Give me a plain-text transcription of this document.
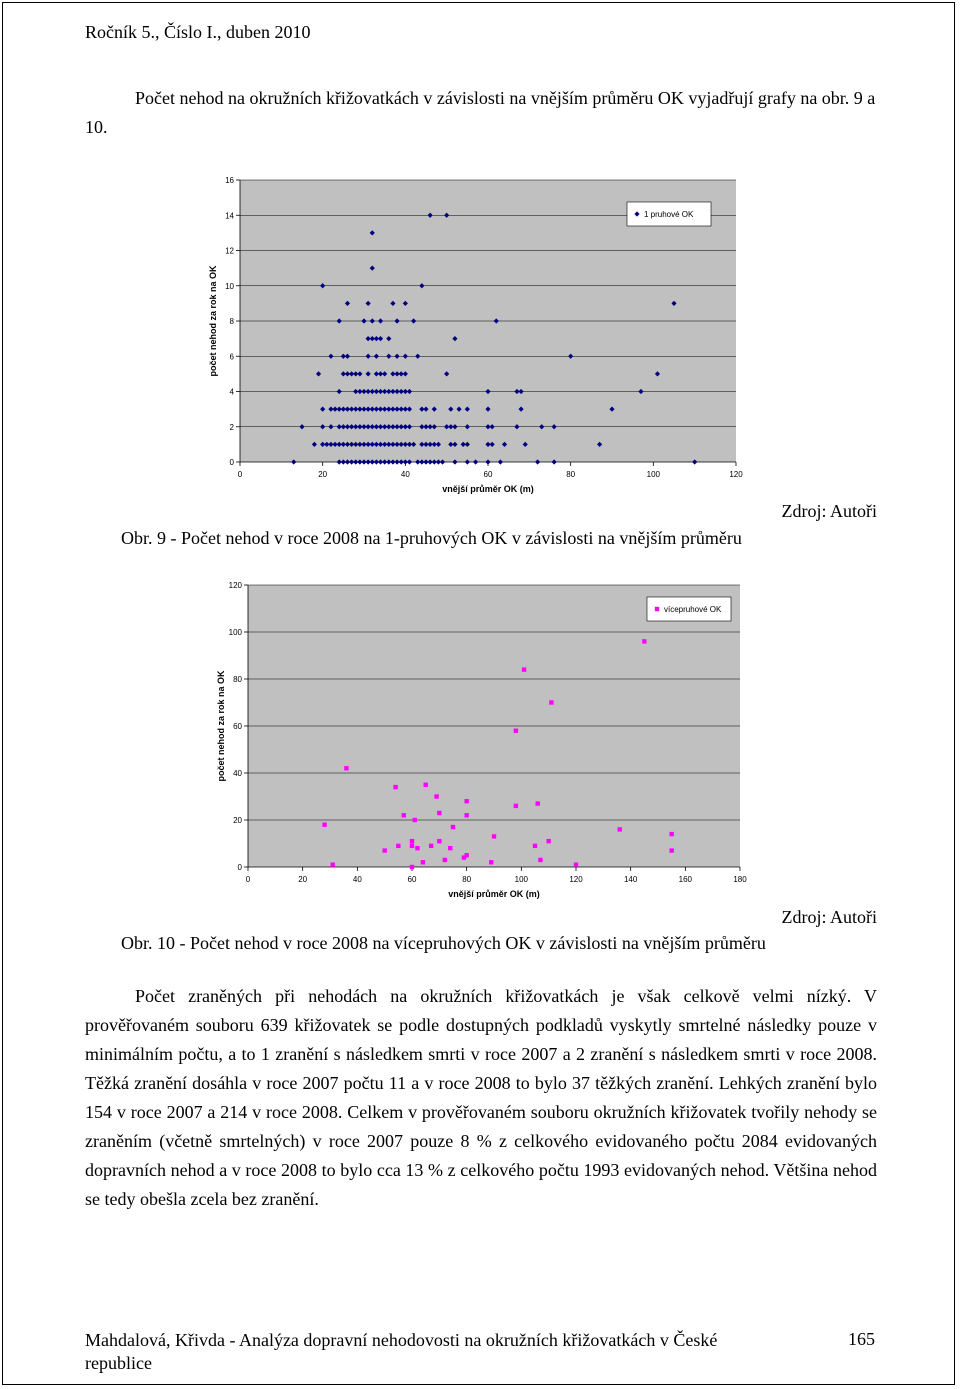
Ročník 5., Číslo I., duben 2010

Počet nehod na okružních křižovatkách v závislosti na vnějším průměru OK vyjadřují grafy na obr. 9 a 10.

0
2
4
6
8
10
12
14
16
0	20	40	60	80	100	120
vnější průměr OK (m)
počet nehod za rok na OK
1 pruhové OK
Zdroj: Autoři
Obr. 9 - Počet nehod v roce 2008 na 1-pruhových OK v závislosti na vnějším průměru
0
20
40
60
80
100
120
0	20	40	60	80	100	120	140	160	180
vnější průměr OK (m)
počet nehod za rok na OK
vícepruhové OK
Zdroj: Autoři
Obr. 10 - Počet nehod v roce 2008 na vícepruhových OK v závislosti na vnějším průměru

Počet zraněných při nehodách na okružních křižovatkách je však celkově velmi nízký. V prověřovaném souboru 639 křižovatek se podle dostupných podkladů vyskytly smrtelné následky pouze v minimálním počtu, a to 1 zranění s následkem smrti v roce 2007 a 2 zranění s následkem smrti v roce 2008. Těžká zranění dosáhla v roce 2007 počtu 11 a v roce 2008 to bylo 37 těžkých zranění. Lehkých zranění bylo 154 v roce 2007 a 214 v roce 2008. Celkem v prověřovaném souboru okružních křižovatek tvořily nehody se zraněním (včetně smrtelných) v roce 2007 pouze 8 % z celkového evidovaného počtu 2084 evidovaných dopravních nehod a v roce 2008 to bylo cca 13 % z celkového počtu 1993 evidovaných nehod. Většina nehod se tedy obešla zcela bez zranění.

Mahdalová, Křivda - Analýza dopravní nehodovosti na okružních křižovatkách v České republice
165
